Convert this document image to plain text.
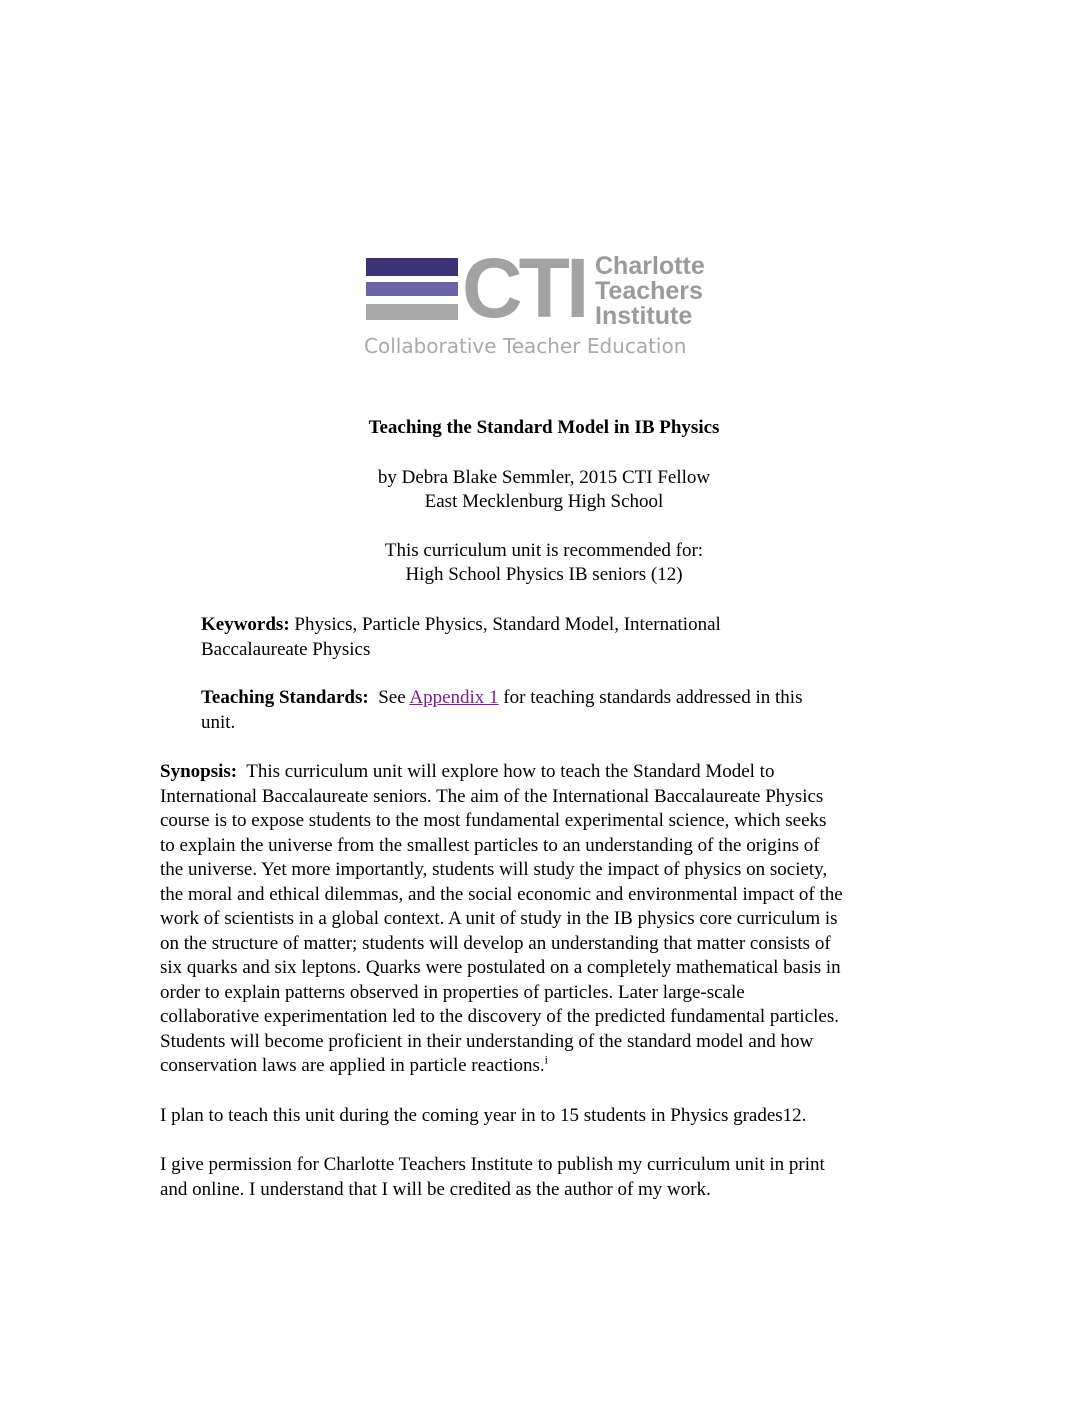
CTI Charlotte
Teachers
Institute
Collaborative Teacher Education
Teaching the Standard Model in IB Physics
by Debra Blake Semmler, 2015 CTI Fellow
East Mecklenburg High School
This curriculum unit is recommended for:
High School Physics IB seniors (12)
Keywords: Physics, Particle Physics, Standard Model, International
Baccalaureate Physics
Teaching Standards:  See Appendix 1 for teaching standards addressed in this
unit.
Synopsis:  This curriculum unit will explore how to teach the Standard Model to
International Baccalaureate seniors. The aim of the International Baccalaureate Physics
course is to expose students to the most fundamental experimental science, which seeks
to explain the universe from the smallest particles to an understanding of the origins of
the universe. Yet more importantly, students will study the impact of physics on society,
the moral and ethical dilemmas, and the social economic and environmental impact of the
work of scientists in a global context. A unit of study in the IB physics core curriculum is
on the structure of matter; students will develop an understanding that matter consists of
six quarks and six leptons. Quarks were postulated on a completely mathematical basis in
order to explain patterns observed in properties of particles. Later large-scale
collaborative experimentation led to the discovery of the predicted fundamental particles.
Students will become proficient in their understanding of the standard model and how
conservation laws are applied in particle reactions.$^i$
I plan to teach this unit during the coming year in to 15 students in Physics grades12.
I give permission for Charlotte Teachers Institute to publish my curriculum unit in print
and online. I understand that I will be credited as the author of my work.
